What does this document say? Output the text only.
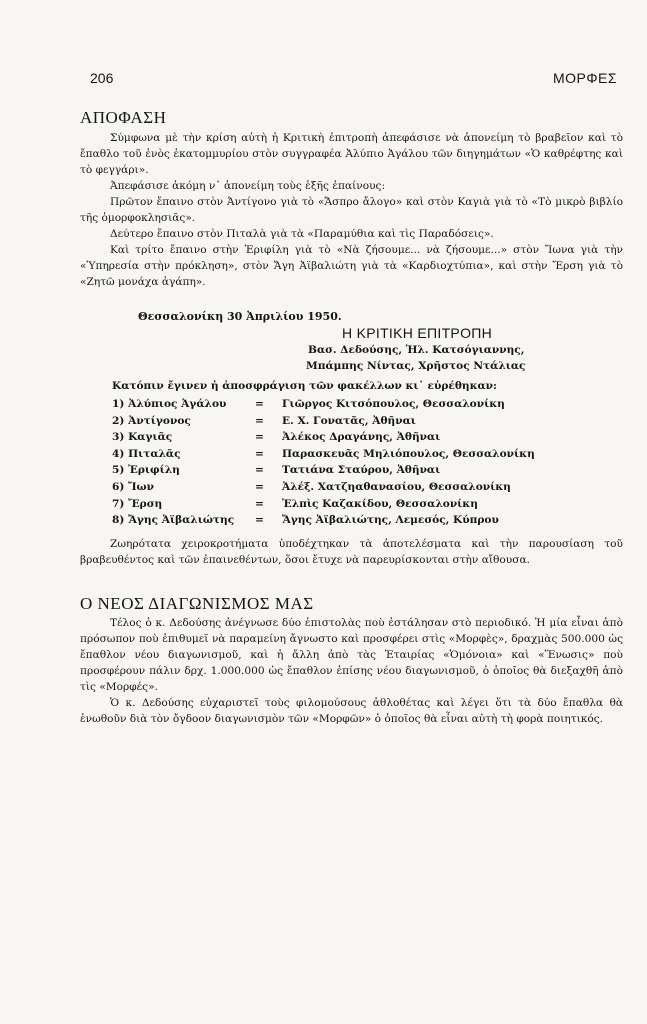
206	ΜΟΡΦΕΣ
ΑΠΟΦΑΣΗ

Σύμφωνα μὲ τὴν κρίση αὐτὴ ἡ Κριτικὴ ἐπιτροπὴ ἀπεφάσισε νὰ ἀπονείμη τὸ βραβεῖον καὶ τὸ ἔπαθλο τοῦ ἑνὸς ἑκατομμυρίου στὸν συγγραφέα Ἀλύπιο Ἀγάλου τῶν διηγημάτων «Ὁ καθρέφτης καὶ τὸ φεγγάρι».

Ἀπεφάσισε ἀκόμη ν᾽ ἀπονείμη τοὺς ἑξῆς ἐπαίνους:

Πρῶτον ἔπαινο στὸν Ἀντίγονο γιὰ τὸ «Ἄσπρο ἄλογο» καὶ στὸν Καγιὰ γιὰ τὸ «Τὸ μικρὸ βιβλίο τῆς ὁμορφοκλησιᾶς».

Δεύτερο ἔπαινο στὸν Πιταλὰ γιὰ τὰ «Παραμύθια καὶ τὶς Παραδόσεις».

Καὶ τρίτο ἔπαινο στὴν Ἐριφίλη γιὰ τὸ «Νὰ ζήσουμε... νὰ ζήσουμε...» στὸν Ἴωνα γιὰ τὴν «Ὑπηρεσία στὴν πρόκληση», στὸν Ἄγη Ἀϊβαλιώτη γιὰ τὰ «Καρδιοχτύπια», καὶ στὴν Ἔρση γιὰ τὸ «Ζητῶ μονάχα ἀγάπη».

Θεσσαλονίκη 30 Ἀπριλίου 1950.
Η ΚΡΙΤΙΚΗ ΕΠΙΤΡΟΠΗ
Βασ. Δεδούσης, Ἠλ. Κατσόγιαννης,
Μπάμπης Νίντας, Χρῆστος Ντάλιας
Κατόπιν ἔγινεν ἡ ἀποσφράγιση τῶν φακέλλων κι᾽ εὑρέθηκαν:
1) Ἀλύπιος Ἀγάλου	= Γιῶργος Κιτσόπουλος, Θεσσαλονίκη
2) Ἀντίγονος	= Ε. Χ. Γονατᾶς, Ἀθῆναι
3) Καγιᾶς	= Ἀλέκος Δραγάνης, Ἀθῆναι
4) Πιταλᾶς	= Παρασκευᾶς Μηλιόπουλος, Θεσσαλονίκη
5) Ἐριφίλη	= Τατιάνα Σταύρου, Ἀθῆναι
6) Ἴων	= Ἀλέξ. Χατζηαθανασίου, Θεσσαλονίκη
7) Ἔρση	= Ἐλπὶς Καζακίδου, Θεσσαλονίκη
8) Ἄγης Ἀϊβαλιώτης = Ἄγης Ἀϊβαλιώτης, Λεμεσός, Κύπρου

Ζωηρότατα χειροκροτήματα ὑποδέχτηκαν τὰ ἀποτελέσματα καὶ τὴν παρουσίαση τοῦ βραβευθέντος καὶ τῶν ἐπαινεθέντων, ὅσοι ἔτυχε νὰ παρευρίσκονται στὴν αἴθουσα.

Ο ΝΕΟΣ ΔΙΑΓΩΝΙΣΜΟΣ ΜΑΣ

Τέλος ὁ κ. Δεδούσης ἀνέγνωσε δύο ἐπιστολὰς ποὺ ἐστάλησαν στὸ περιοδικό. Ἡ μία εἶναι ἀπὸ πρόσωπον ποὺ ἐπιθυμεῖ νὰ παραμείνη ἄγνωστο καὶ προσφέρει στὶς «Μορφὲς», δραχμὰς 500.000 ὡς ἔπαθλον νέου διαγωνισμοῦ, καὶ ἡ ἄλλη ἀπὸ τὰς Ἑταιρίας «Ὁμόνοια» καὶ «Ἕνωσις» ποὺ προσφέρουν πάλιν δρχ. 1.000.000 ὡς ἔπαθλον ἐπίσης νέου διαγωνισμοῦ, ὁ ὁποῖος θὰ διεξαχθῆ ἀπὸ τὶς «Μορφές».

Ὁ κ. Δεδούσης εὐχαριστεῖ τοὺς φιλομούσους ἀθλοθέτας καὶ λέγει ὅτι τὰ δύο ἔπαθλα θὰ ἑνωθοῦν διὰ τὸν ὄγδοον διαγωνισμὸν τῶν «Μορφῶν» ὁ ὁποῖος θὰ εἶναι αὐτὴ τὴ φορὰ ποιητικός.
